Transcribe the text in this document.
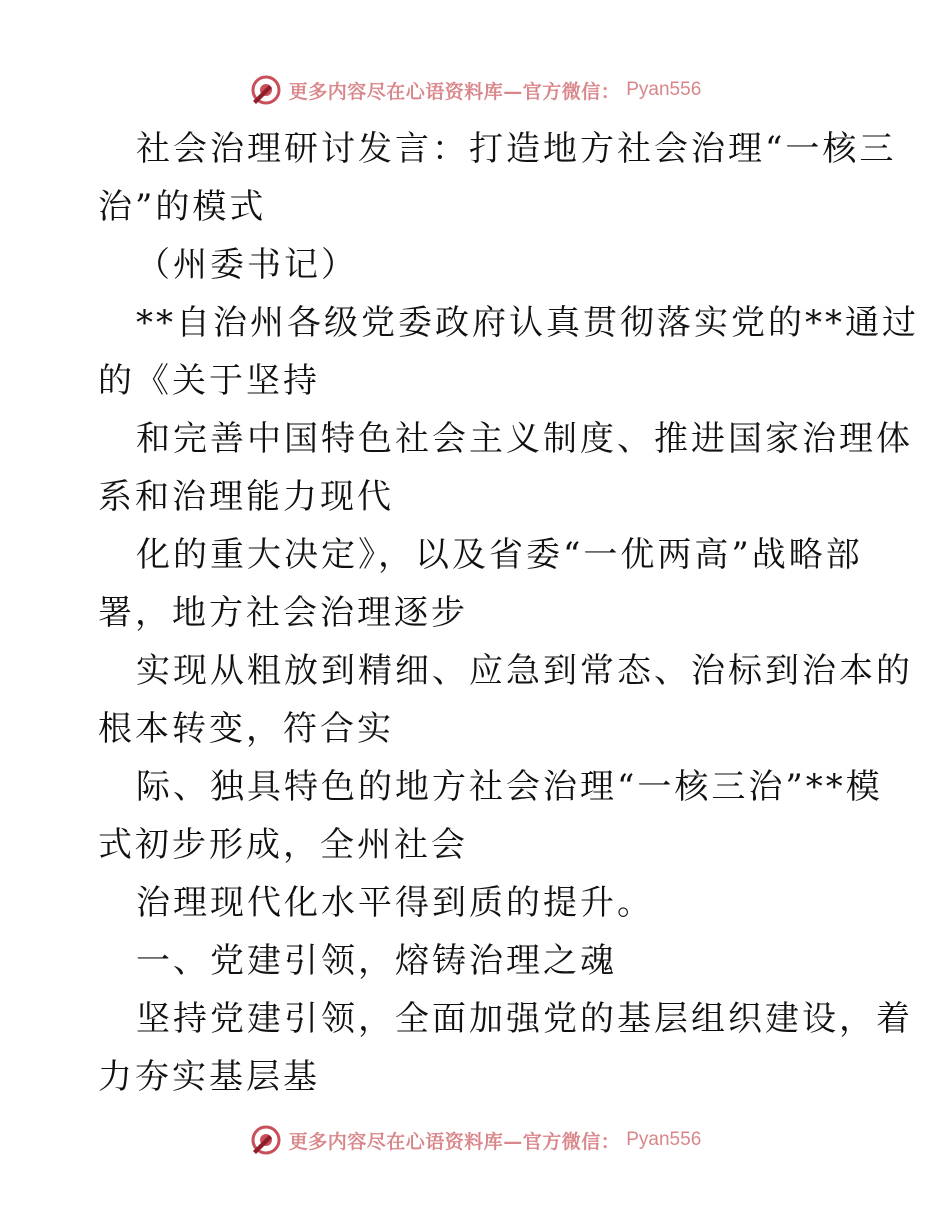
更多内容尽在心语资料库—官方微信： Pyan556
社会治理研讨发言：打造地方社会治理“一核三
治”的模式
（州委书记）
**自治州各级党委政府认真贯彻落实党的**通过
的《关于坚持
和完善中国特色社会主义制度、推进国家治理体
系和治理能力现代
化的重大决定》，以及省委“一优两高”战略部
署，地方社会治理逐步
实现从粗放到精细、应急到常态、治标到治本的
根本转变，符合实
际、独具特色的地方社会治理“一核三治”**模
式初步形成，全州社会
治理现代化水平得到质的提升。
一、党建引领，熔铸治理之魂
坚持党建引领，全面加强党的基层组织建设，着
力夯实基层基
更多内容尽在心语资料库—官方微信： Pyan556
